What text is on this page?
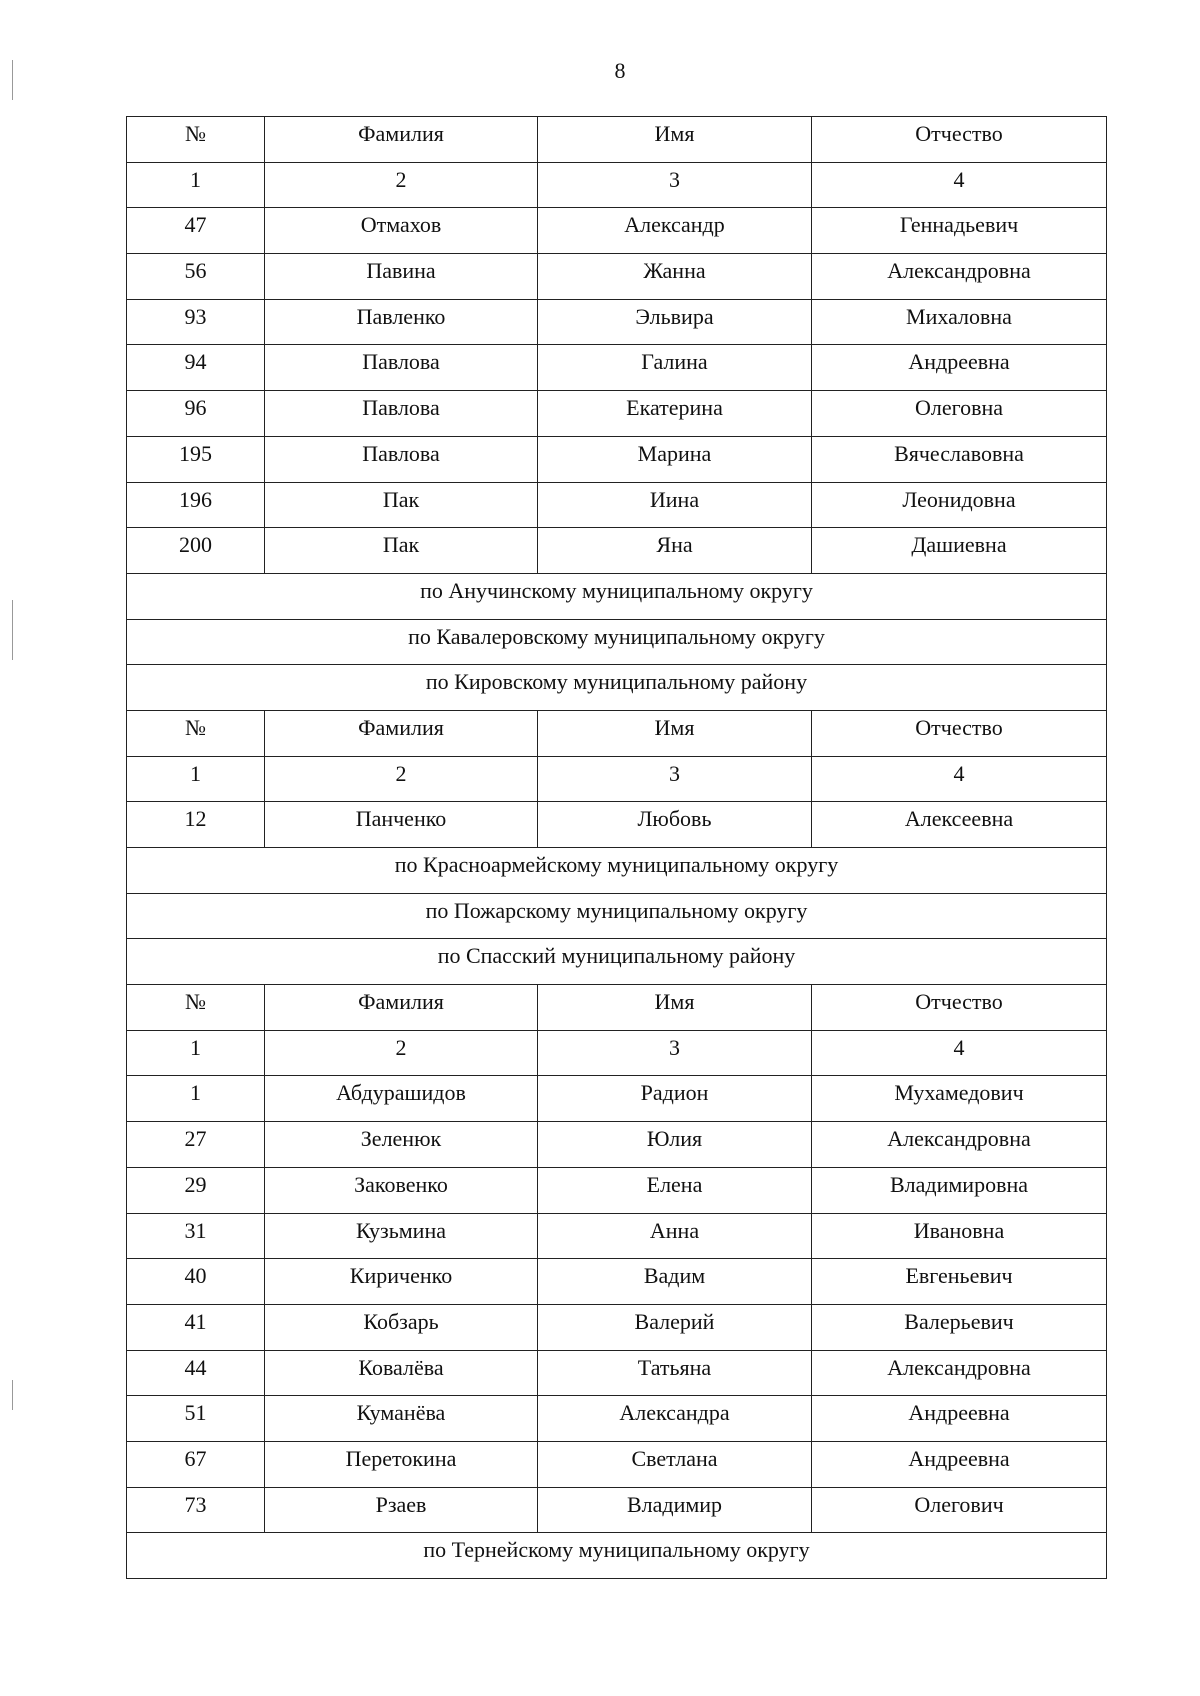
8
№	Фамилия	Имя	Отчество
1	2	3	4
47	Отмахов	Александр	Геннадьевич
56	Павина	Жанна	Александровна
93	Павленко	Эльвира	Михаловна
94	Павлова	Галина	Андреевна
96	Павлова	Екатерина	Олеговна
195	Павлова	Марина	Вячеславовна
196	Пак	Иина	Леонидовна
200	Пак	Яна	Дашиевна
по Анучинскому муниципальному округу			
по Кавалеровскому муниципальному округу			
по Кировскому муниципальному району			
№	Фамилия	Имя	Отчество
1	2	3	4
12	Панченко	Любовь	Алексеевна
по Красноармейскому муниципальному округу			
по Пожарскому муниципальному округу			
по Спасский муниципальному району			
№	Фамилия	Имя	Отчество
1	2	3	4
1	Абдурашидов	Радион	Мухамедович
27	Зеленюк	Юлия	Александровна
29	Заковенко	Елена	Владимировна
31	Кузьмина	Анна	Ивановна
40	Кириченко	Вадим	Евгеньевич
41	Кобзарь	Валерий	Валерьевич
44	Ковалёва	Татьяна	Александровна
51	Куманёва	Александра	Андреевна
67	Перетокина	Светлана	Андреевна
73	Рзаев	Владимир	Олегович
по Тернейскому муниципальному округу			
